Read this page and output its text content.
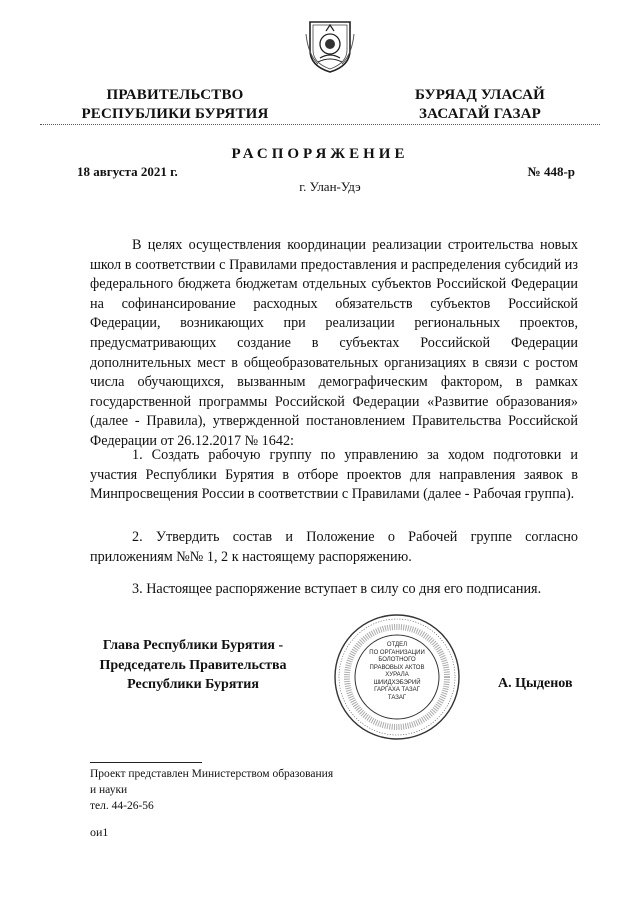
ПРАВИТЕЛЬСТВО
РЕСПУБЛИКИ БУРЯТИЯ
БУРЯАД УЛАСАЙ
ЗАСАГАЙ ГАЗАР
РАСПОРЯЖЕНИЕ
18 августа 2021 г.	№ 448-р
г. Улан-Удэ
В целях осуществления координации реализации строительства новых школ в соответствии с Правилами предоставления и распределения субсидий из федерального бюджета бюджетам отдельных субъектов Российской Федерации на софинансирование расходных обязательств субъектов Российской Федерации, возникающих при реализации региональных проектов, предусматривающих создание в субъектах Российской Федерации дополнительных мест в общеобразовательных организациях в связи с ростом числа обучающихся, вызванным демографическим фактором, в рамках государственной программы Российской Федерации «Развитие образования» (далее - Правила), утвержденной постановлением Правительства Российской Федерации от 26.12.2017 № 1642:
1. Создать рабочую группу по управлению за ходом подготовки и участия Республики Бурятия в отборе проектов для направления заявок в Минпросвещения России в соответствии с Правилами (далее - Рабочая группа).
2. Утвердить состав и Положение о Рабочей группе согласно приложениям №№ 1, 2 к настоящему распоряжению.
3. Настоящее распоряжение вступает в силу со дня его подписания.
Глава Республики Бурятия -
Председатель Правительства
Республики Бурятия
ОТДЕЛ
ПО ОРГАНИЗАЦИИ
БОЛОТНОГО
ПРАВОВЫХ АКТОВ
ХУРАЛА
ШИИДХЭБЭРИЙ
ГАРГАХА ТАЗАГ
ТАЗАГ
А. Цыденов
Проект представлен Министерством образования
и науки
тел. 44-26-56
ои1
